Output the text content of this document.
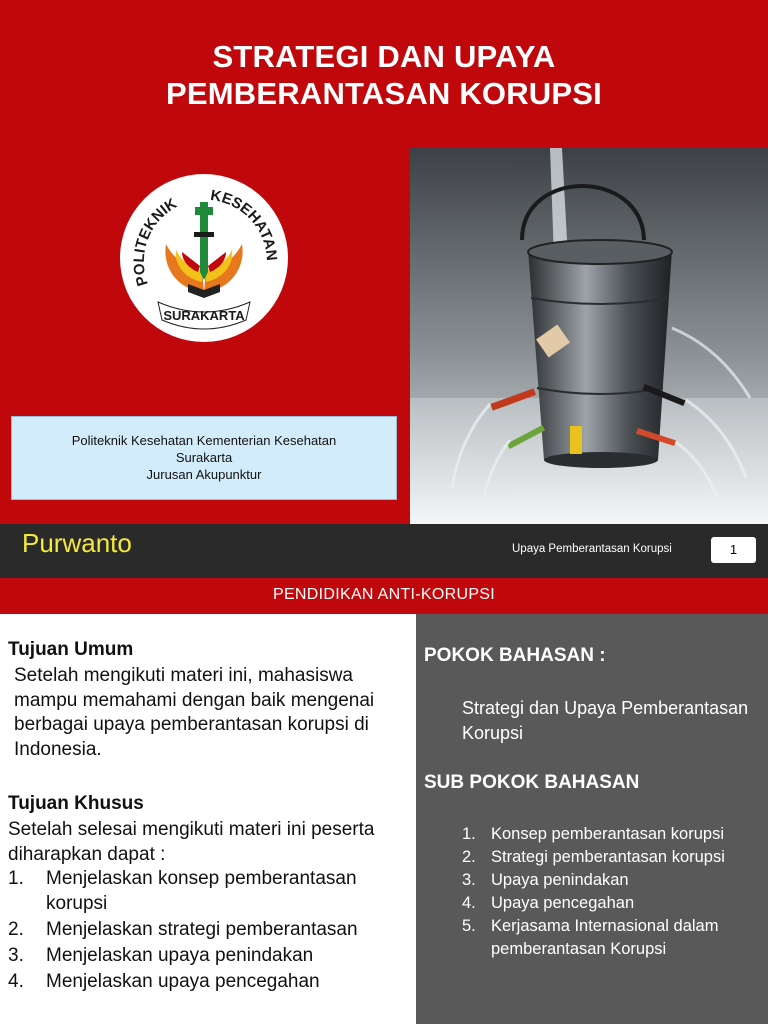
STRATEGI DAN UPAYA
PEMBERANTASAN KORUPSI
SURAKARTA
POLITEKNIK KESEHATAN
Politeknik Kesehatan Kementerian Kesehatan
Surakarta
Jurusan Akupunktur
Purwanto	Upaya Pemberantasan Korupsi	1
PENDIDIKAN ANTI-KORUPSI
Tujuan Umum
Setelah mengikuti materi ini, mahasiswa mampu memahami dengan baik mengenai berbagai upaya pemberantasan korupsi di Indonesia.
Tujuan Khusus
Setelah selesai mengikuti materi ini peserta diharapkan dapat :
1. Menjelaskan konsep pemberantasan korupsi
2. Menjelaskan strategi pemberantasan
3. Menjelaskan upaya penindakan
4. Menjelaskan upaya pencegahan
POKOK BAHASAN :
Strategi dan Upaya Pemberantasan Korupsi
SUB POKOK BAHASAN
1. Konsep pemberantasan korupsi
2. Strategi pemberantasan korupsi
3. Upaya penindakan
4. Upaya pencegahan
5. Kerjasama Internasional dalam pemberantasan Korupsi
